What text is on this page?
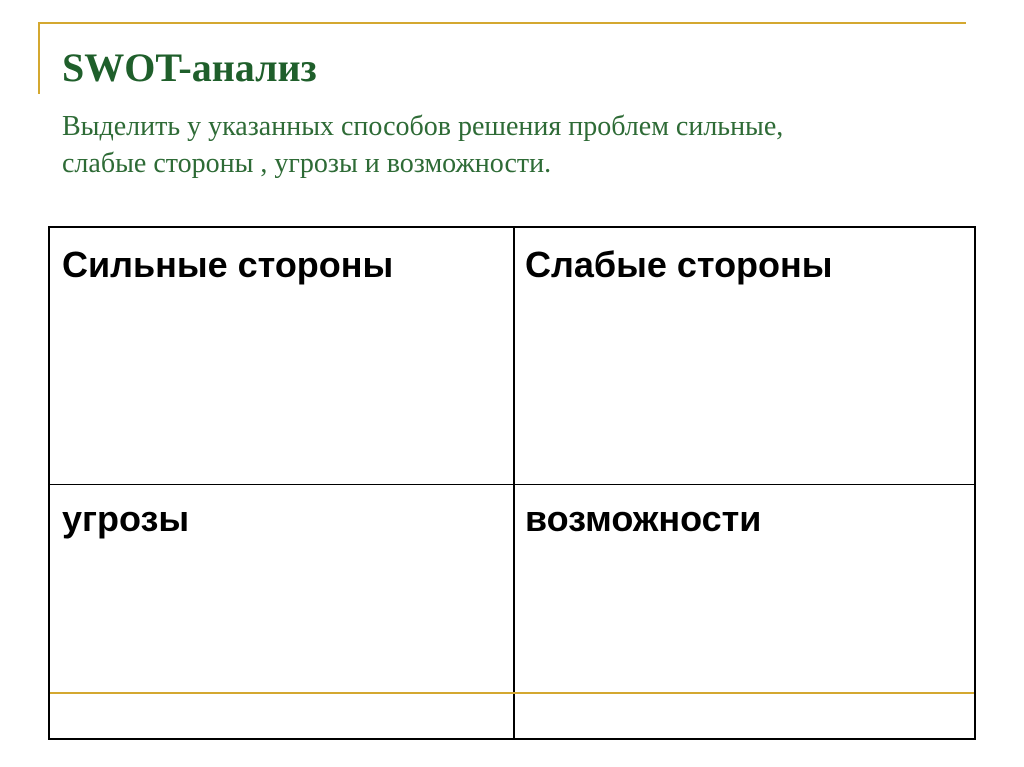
SWOT-анализ

Выделить у указанных способов решения проблем сильные,
слабые стороны , угрозы и возможности.

Сильные стороны	Слабые стороны

угрозы	возможности
